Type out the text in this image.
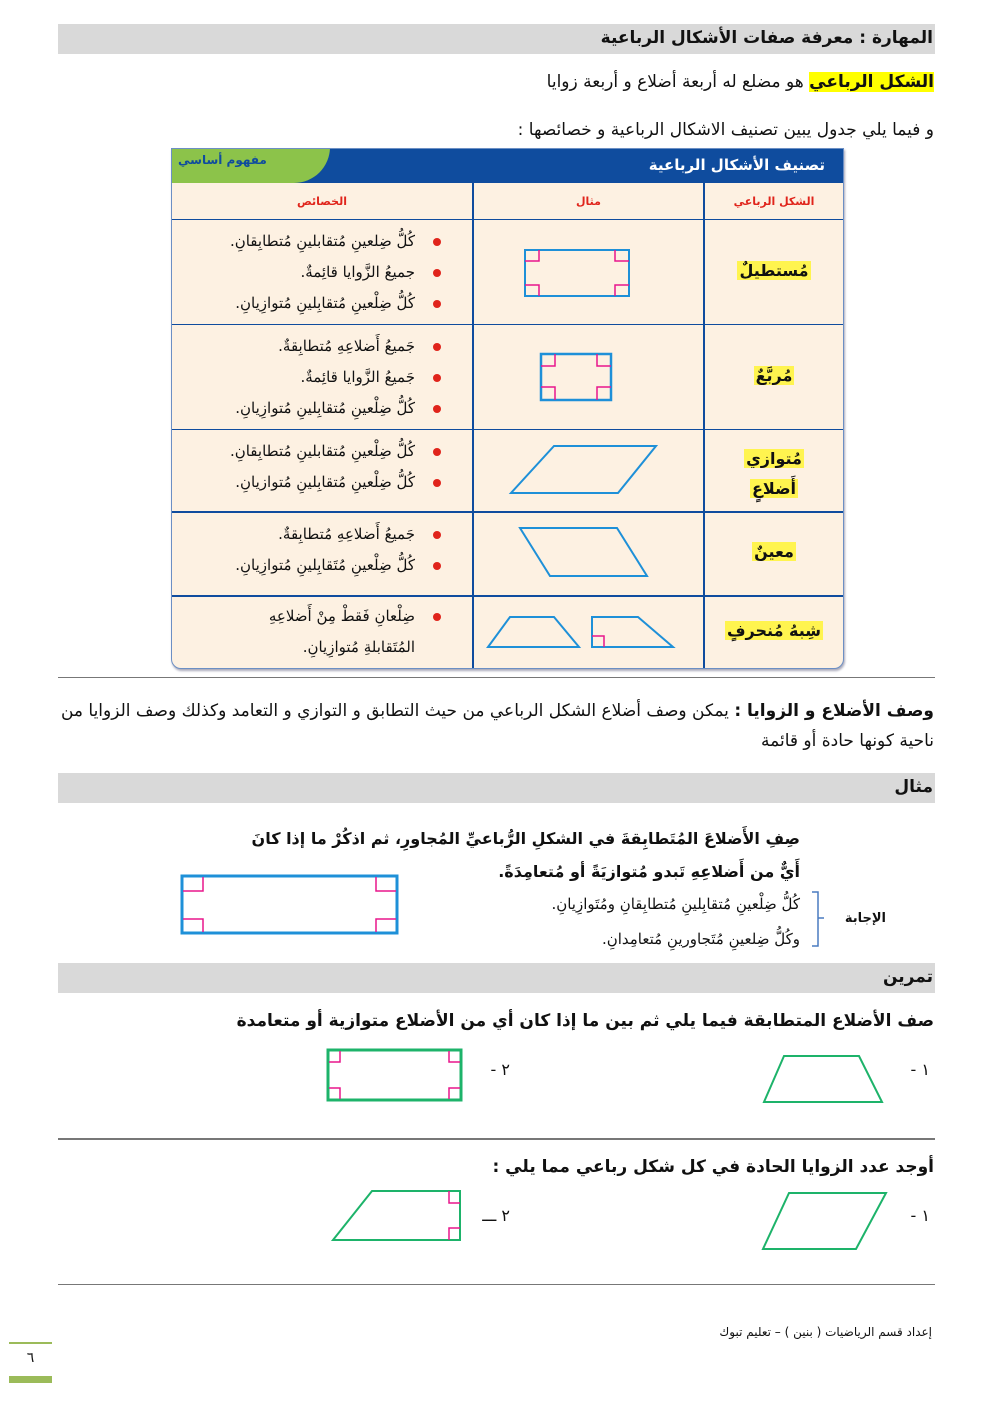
المهارة : معرفة صفات الأشكال الرباعية
الشكل الرباعي هو مضلع له أربعة أضلاع و أربعة زوايا
و فيما يلي جدول يبين تصنيف الاشكال الرباعية و خصائصها :
تصنيف الأشكال الرباعية
مفهوم أساسي
الشكل الرباعي
مثال
الخصائص
مُستطيلٌ
مُربَّعٌ
مُتوازي
أَضلاعٍ
معينٌ
شِبهُ مُنحرفٍ
كُلُّ ضِلعينِ مُتقابلينِ مُتطابِقانِ.
جميعُ الزَّوايا قائِمةٌ.
كُلُّ ضِلْعينِ مُتقابِلينِ مُتوازِيانِ.
جَميعُ أَضلاعِهِ مُتطابِقةٌ.
جَميعُ الزَّوايا قائِمةٌ.
كُلُّ ضِلْعينِ مُتقابِلينِ مُتوازِيانِ.
كُلُّ ضِلْعينِ مُتقابلينِ مُتطابِقانِ.
كُلُّ ضِلْعينِ مُتقابِلينِ مُتوازيانِ.
جَميعُ أَضلاعِهِ مُتطابِقةٌ.
كُلُّ ضِلْعينِ مُتَقابِلينِ مُتوازِيانِ.
ضِلْعانِ فَقطْ مِنْ أَضلاعِهِ
المُتَقابلةِ مُتوازِيانِ.
وصف الأضلاع و الزوايا : يمكن وصف أضلاع الشكل الرباعي من حيث التطابق و التوازي و التعامد وكذلك وصف الزوايا من ناحية كونها حادة أو قائمة
مثال
صِفِ الأَضلاعَ المُتَطابِقةَ في الشكلِ الرُّباعيِّ المُجاورِ، ثم اذكُرْ ما إذا كانَ
أَيٌّ من أَضلاعِهِ تَبدو مُتوازيَةً أو مُتعامِدَةً.
كُلُّ ضِلْعينِ مُتقابِلينِ مُتطابِقانِ ومُتَوازِيانِ.
وكُلُّ ضِلعينِ مُتَجاورينِ مُتعامِدانِ.
الإجابة
تمرين
صف الأضلاع المتطابقة فيما يلي ثم بين ما إذا كان أي من الأضلاع متوازية أو متعامدة
١ -
٢ -
أوجد عدد الزوايا الحادة في كل شكل رباعي مما يلي :
١ -
٢ ـــ
إعداد قسم الرياضيات ( بنين ) – تعليم تبوك
٦
